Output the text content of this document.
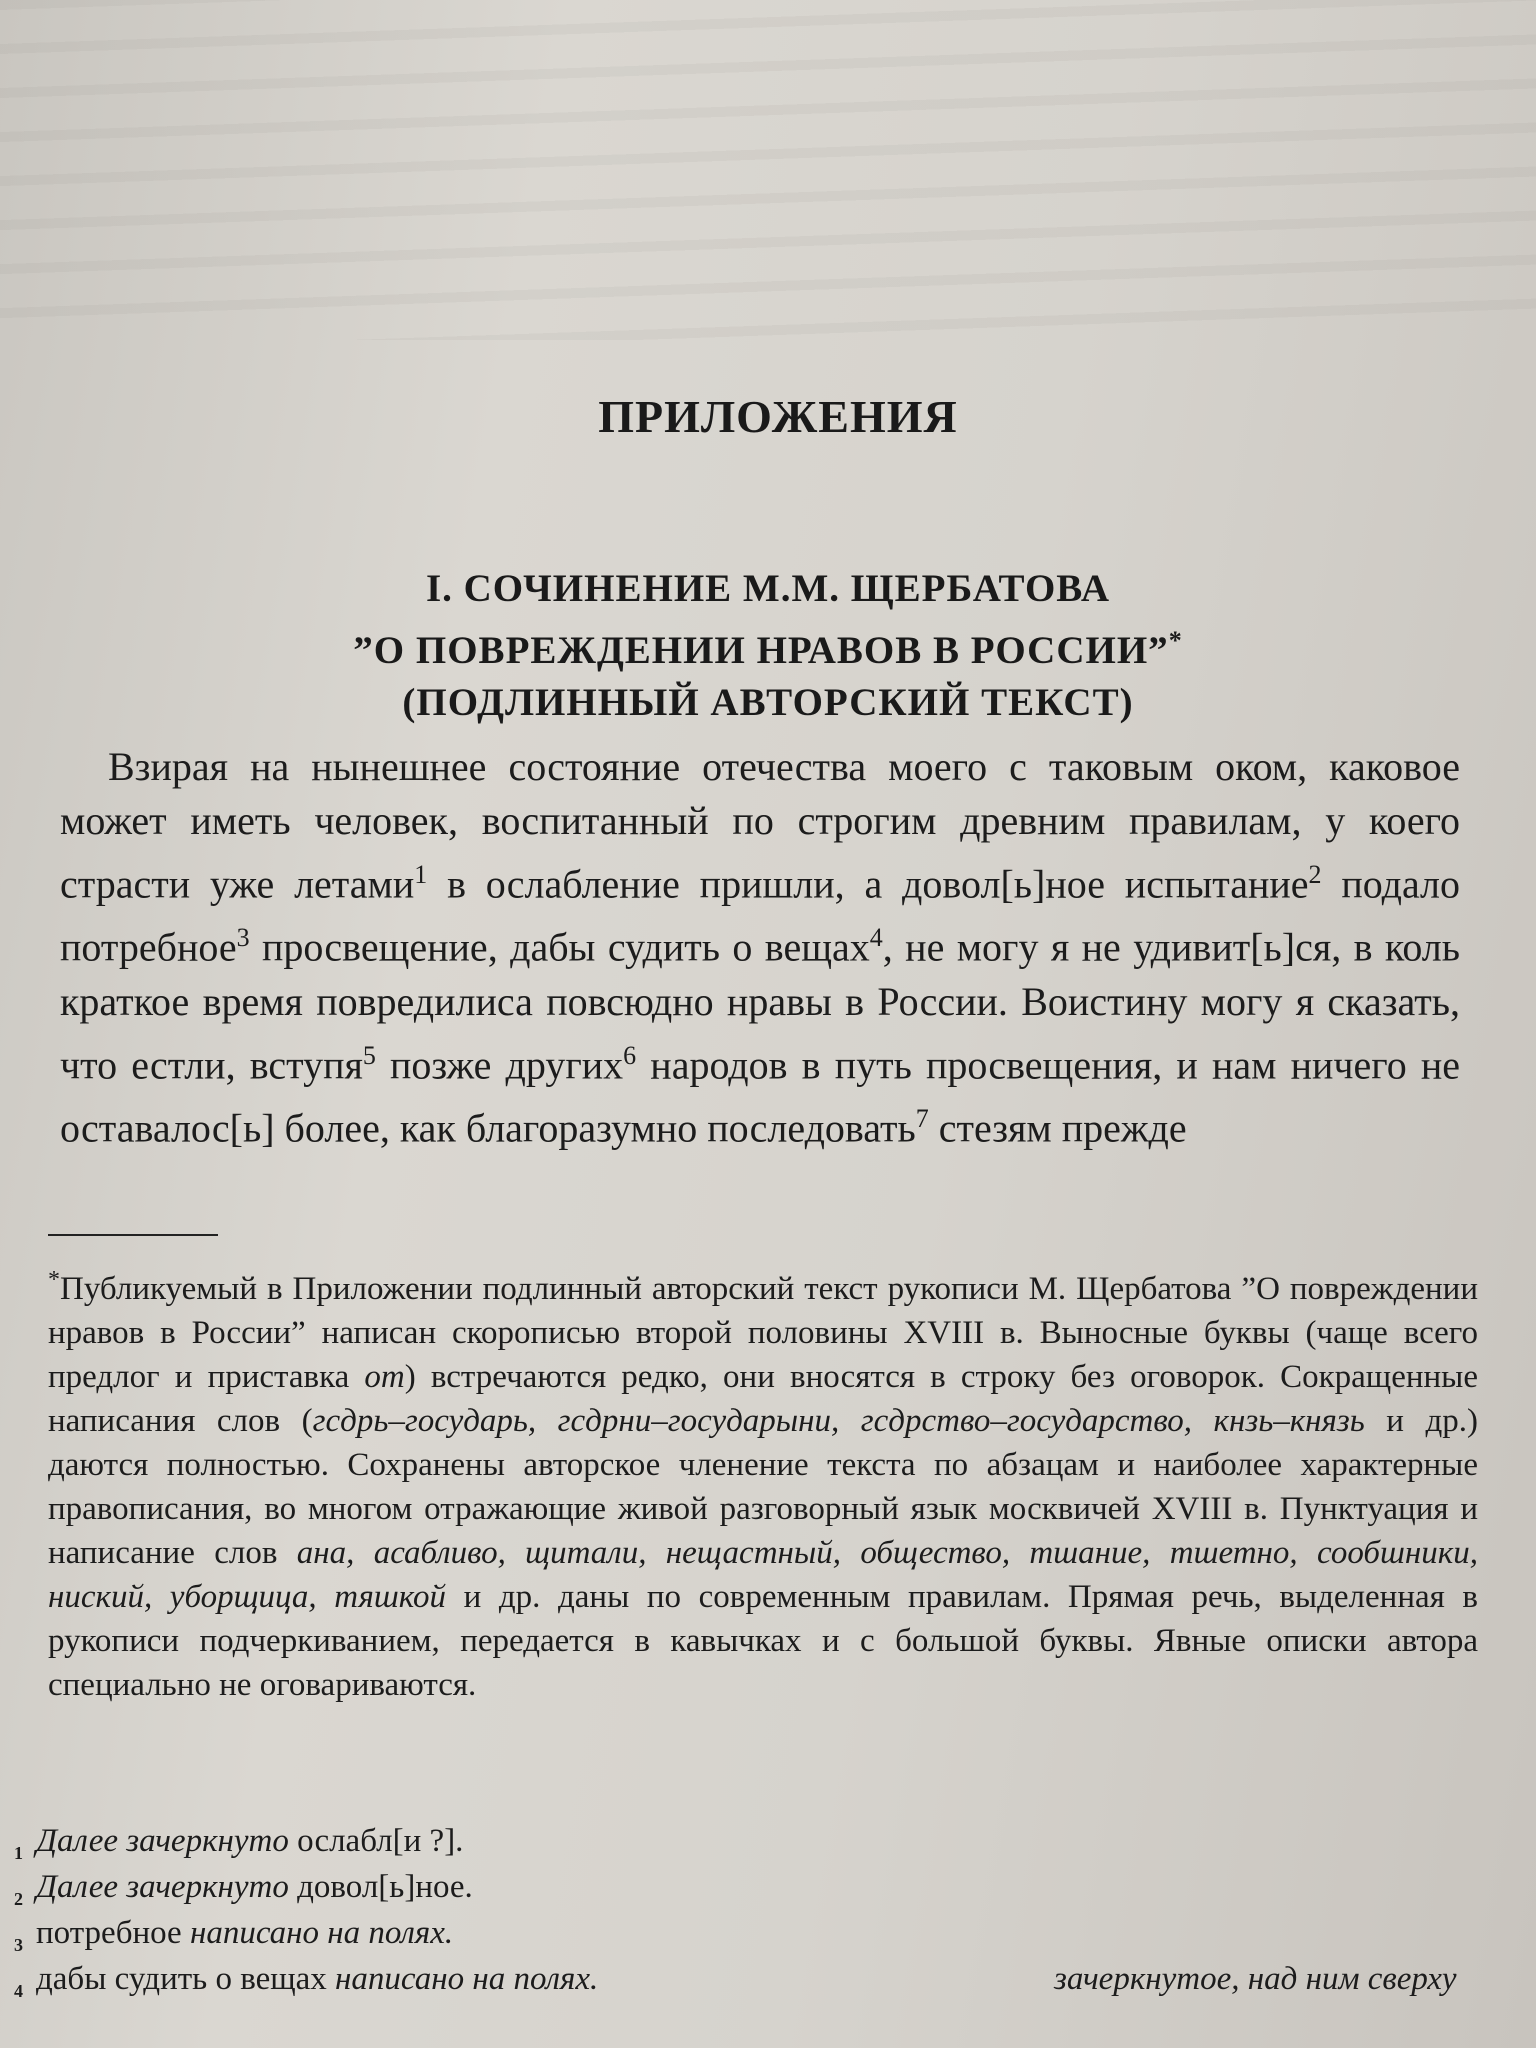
ПРИЛОЖЕНИЯ
I. СОЧИНЕНИЕ М.М. ЩЕРБАТОВА
”О ПОВРЕЖДЕНИИ НРАВОВ В РОССИИ”*
(ПОДЛИННЫЙ АВТОРСКИЙ ТЕКСТ)
Взирая на нынешнее состояние отечества моего с таковым оком, каковое может иметь человек, воспитанный по строгим древним правилам, у коего страсти уже летами$^1$ в ослабление пришли, а довол[ь]ное испытание$^2$ подало потребное$^3$ просвещение, дабы судить о вещах$^4$, не могу я не удивит[ь]ся, в коль краткое время повредилиса повсюдно нравы в России. Воистину могу я сказать, что естли, вступя$^5$ позже других$^6$ народов в путь просвещения, и нам ничего не оставалос[ь] более, как благоразумно последовать$^7$ стезям прежде
*Публикуемый в Приложении подлинный авторский текст рукописи М. Щербатова ”О повреждении нравов в России” написан скорописью второй половины XVIII в. Выносные буквы (чаще всего предлог и приставка от) встречаются редко, они вносятся в строку без оговорок. Сокращенные написания слов (гсдрь–государь, гсдрни–государыни, гсдрство–государство, кнзь–князь и др.) даются полностью. Сохранены авторское членение текста по абзацам и наиболее характерные правописания, во многом отражающие живой разговорный язык москвичей XVIII в. Пунктуация и написание слов ана, асабливо, щитали, нещастный, общество, тшание, тшетно, сообшники, ниский, уборщица, тяшкой и др. даны по современным правилам. Прямая речь, выделенная в рукописи подчеркиванием, передается в кавычках и с большой буквы. Явные описки автора специально не оговариваются.
1 Далее зачеркнуто ослабл[и ?].
2 Далее зачеркнуто довол[ь]ное.
3 потребное написано на полях.
4 дабы судить о вещах написано на полях.	зачеркнутое, над ним сверху
